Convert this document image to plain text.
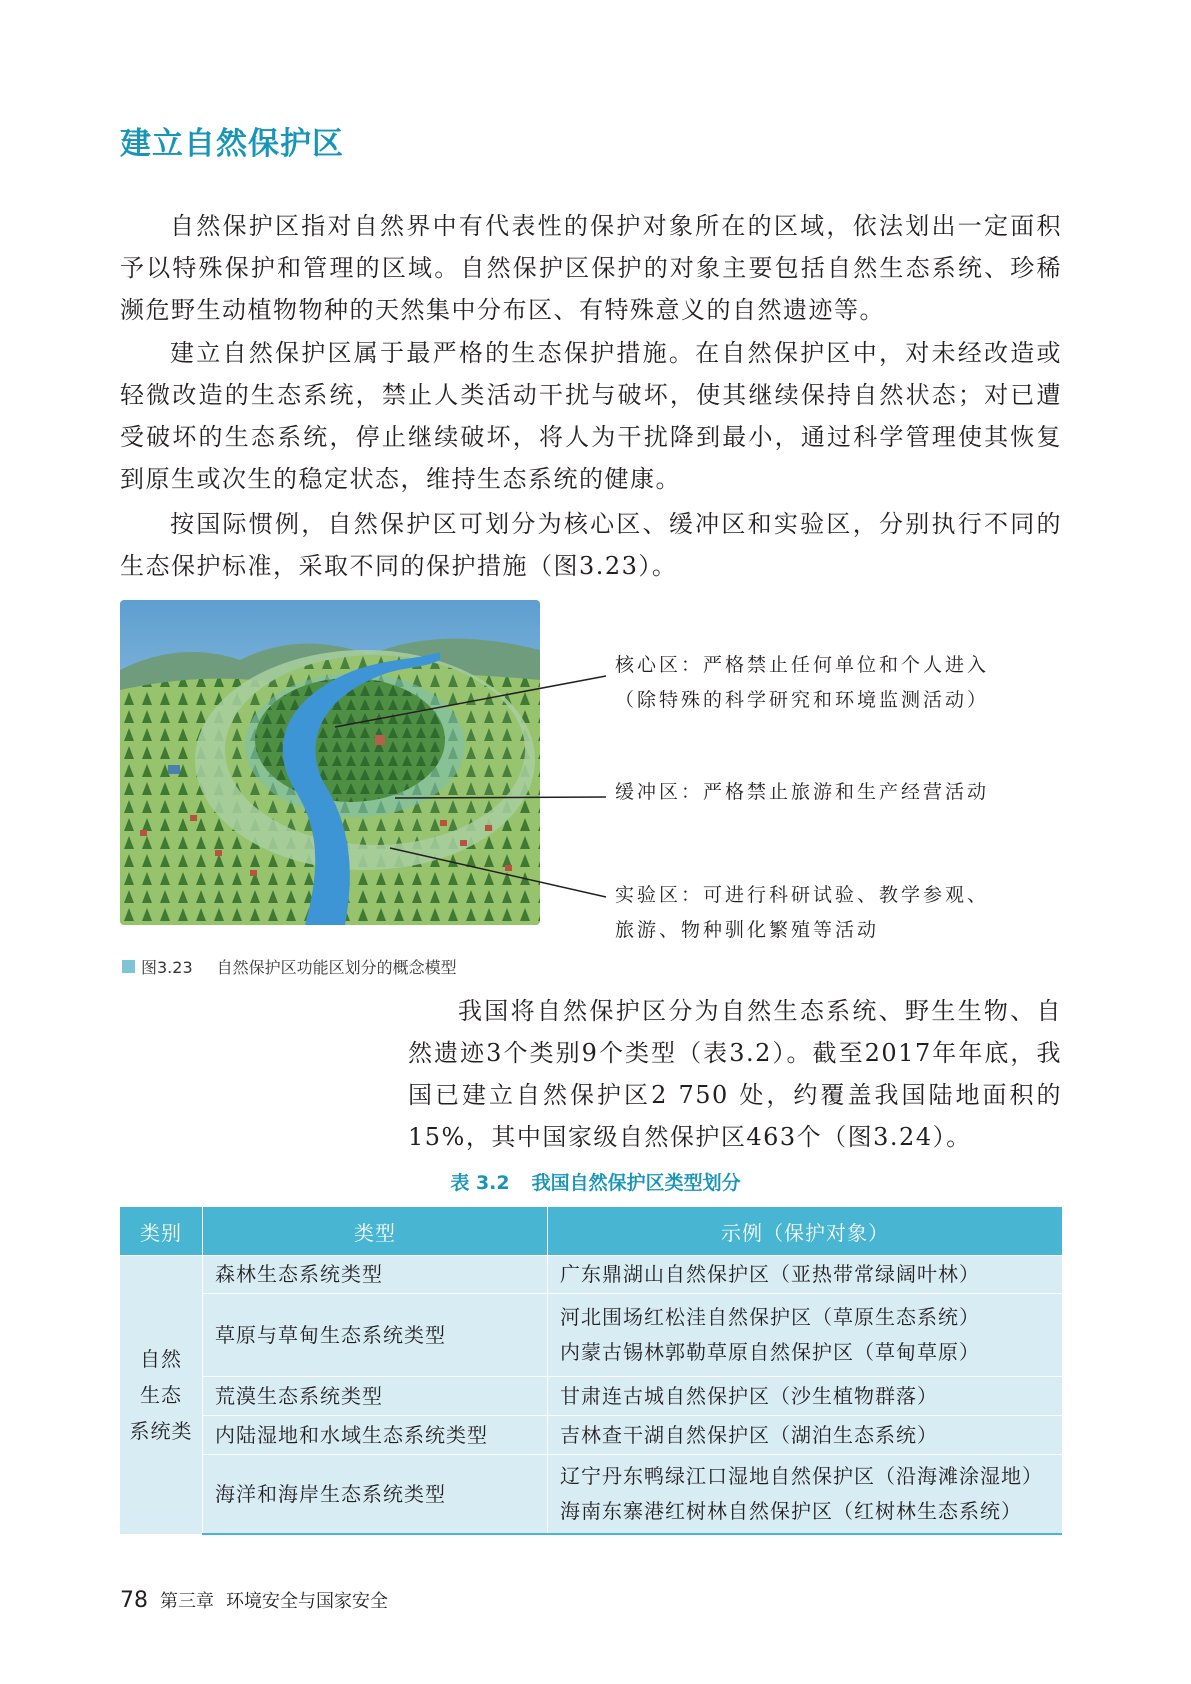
建立自然保护区

自然保护区指对自然界中有代表性的保护对象所在的区域，依法划出一定面积予以特殊保护和管理的区域。自然保护区保护的对象主要包括自然生态系统、珍稀濒危野生动植物物种的天然集中分布区、有特殊意义的自然遗迹等。

建立自然保护区属于最严格的生态保护措施。在自然保护区中，对未经改造或轻微改造的生态系统，禁止人类活动干扰与破坏，使其继续保持自然状态；对已遭受破坏的生态系统，停止继续破坏，将人为干扰降到最小，通过科学管理使其恢复到原生或次生的稳定状态，维持生态系统的健康。

按国际惯例，自然保护区可划分为核心区、缓冲区和实验区，分别执行不同的生态保护标准，采取不同的保护措施（图3.23）。

核心区：严格禁止任何单位和个人进入
（除特殊的科学研究和环境监测活动）
缓冲区：严格禁止旅游和生产经营活动
实验区：可进行科研试验、教学参观、
旅游、物种驯化繁殖等活动
图3.23 自然保护区功能区划分的概念模型

我国将自然保护区分为自然生态系统、野生生物、自然遗迹3个类别9个类型（表3.2）。截至2017年年底，我国已建立自然保护区2 750 处，约覆盖我国陆地面积的15%，其中国家级自然保护区463个（图3.24）。

表 3.2 我国自然保护区类型划分
类别	类型	示例（保护对象）

自然
生态
系统类	森林生态系统类型	广东鼎湖山自然保护区（亚热带常绿阔叶林）

	草原与草甸生态系统类型	河北围场红松洼自然保护区（草原生态系统）
内蒙古锡林郭勒草原自然保护区（草甸草原）

	荒漠生态系统类型	甘肃连古城自然保护区（沙生植物群落）

	内陆湿地和水域生态系统类型	吉林查干湖自然保护区（湖泊生态系统）

	海洋和海岸生态系统类型	辽宁丹东鸭绿江口湿地自然保护区（沿海滩涂湿地）
海南东寨港红树林自然保护区（红树林生态系统）
78 第三章 环境安全与国家安全
